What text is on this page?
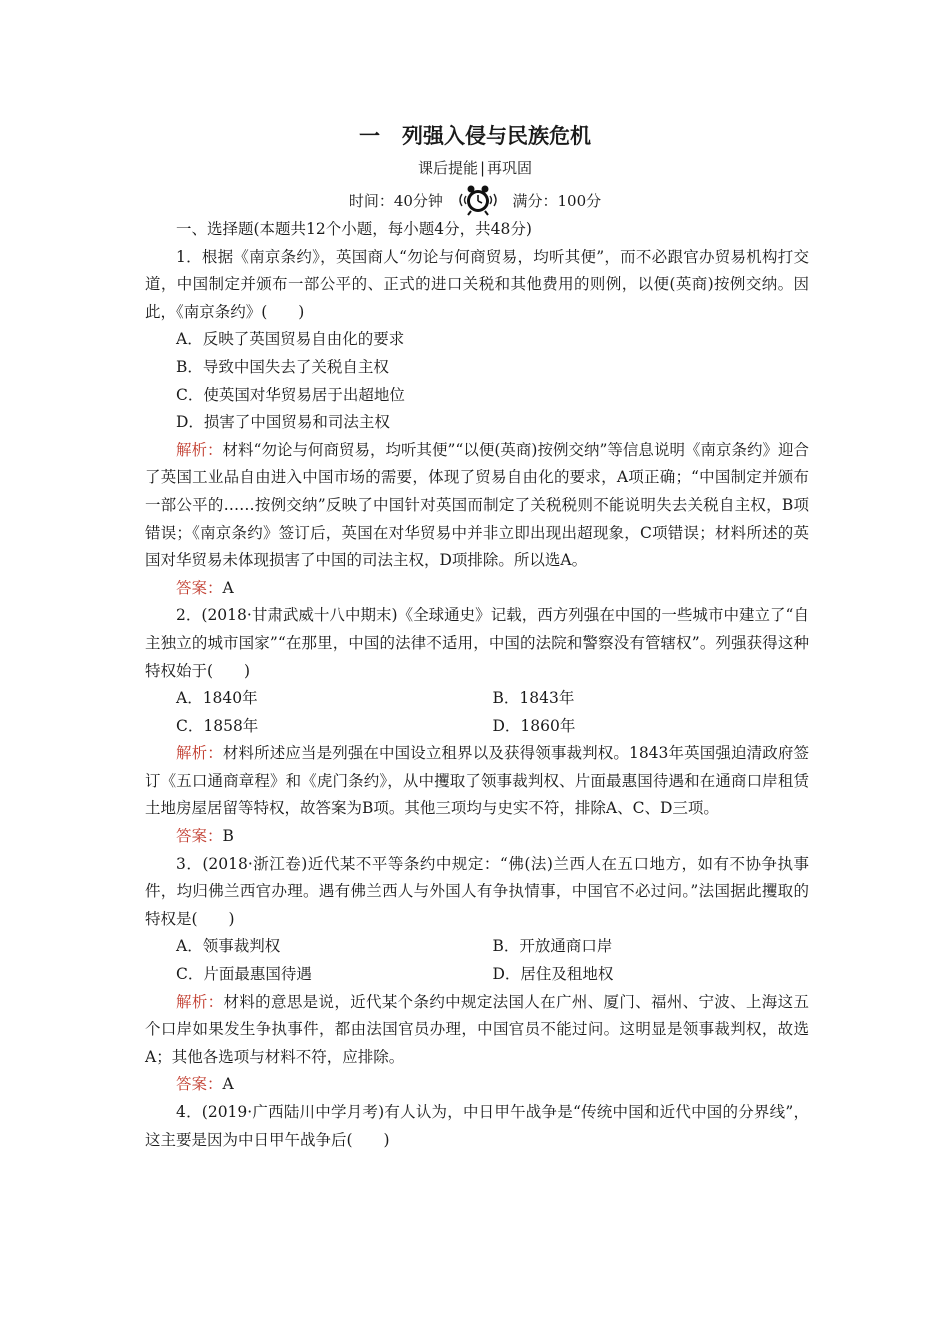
一 列强入侵与民族危机
课后提能 | 再巩固
时间：40分钟	满分：100分

一、选择题(本题共12个小题，每小题4分，共48分)

1．根据《南京条约》，英国商人“勿论与何商贸易，均听其便”，而不必跟官办贸易机构打交道，中国制定并颁布一部公平的、正式的进口关税和其他费用的则例，以便(英商)按例交纳。因此，《南京条约》(　　)

A．反映了英国贸易自由化的要求

B．导致中国失去了关税自主权

C．使英国对华贸易居于出超地位

D．损害了中国贸易和司法主权

解析：材料“勿论与何商贸易，均听其便”“以便(英商)按例交纳”等信息说明《南京条约》迎合了英国工业品自由进入中国市场的需要，体现了贸易自由化的要求，A项正确；“中国制定并颁布一部公平的……按例交纳”反映了中国针对英国而制定了关税税则不能说明失去关税自主权，B项错误；《南京条约》签订后，英国在对华贸易中并非立即出现出超现象，C项错误；材料所述的英国对华贸易未体现损害了中国的司法主权，D项排除。所以选A。

答案：A

2．(2018·甘肃武威十八中期末)《全球通史》记载，西方列强在中国的一些城市中建立了“自主独立的城市国家”“在那里，中国的法律不适用，中国的法院和警察没有管辖权”。列强获得这种特权始于(　　)

A．1840年	B．1843年
C．1858年	D．1860年

解析：材料所述应当是列强在中国设立租界以及获得领事裁判权。1843年英国强迫清政府签订《五口通商章程》和《虎门条约》，从中攫取了领事裁判权、片面最惠国待遇和在通商口岸租赁土地房屋居留等特权，故答案为B项。其他三项均与史实不符，排除A、C、D三项。

答案：B

3．(2018·浙江卷)近代某不平等条约中规定：“佛(法)兰西人在五口地方，如有不协争执事件，均归佛兰西官办理。遇有佛兰西人与外国人有争执情事，中国官不必过问。”法国据此攫取的特权是(　　)

A．领事裁判权	B．开放通商口岸
C．片面最惠国待遇	D．居住及租地权

解析：材料的意思是说，近代某个条约中规定法国人在广州、厦门、福州、宁波、上海这五个口岸如果发生争执事件，都由法国官员办理，中国官员不能过问。这明显是领事裁判权，故选A；其他各选项与材料不符，应排除。

答案：A

4．(2019·广西陆川中学月考)有人认为，中日甲午战争是“传统中国和近代中国的分界线”，这主要是因为中日甲午战争后(　　)
